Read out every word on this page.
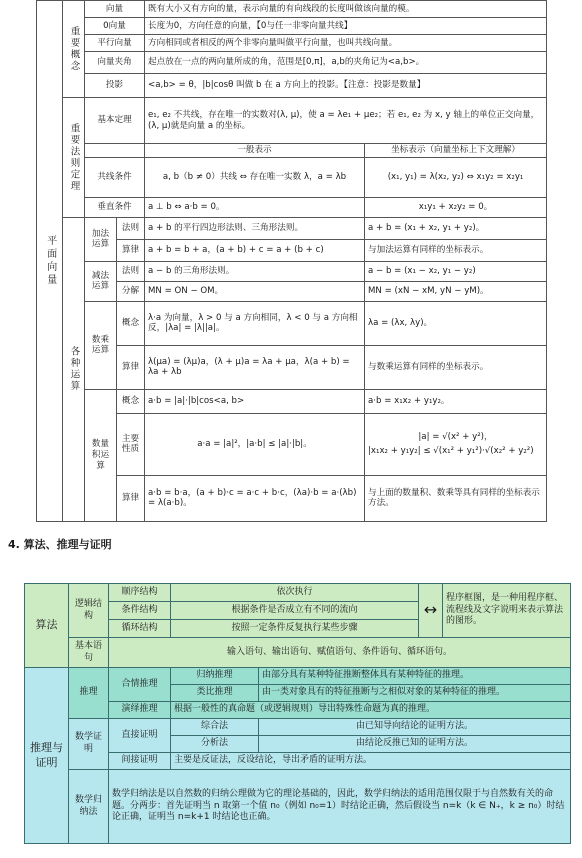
平面向量	重要概念	向量		既有大小又有方向的量，表示向量的有向线段的长度叫做该向量的模。	
		0向量		长度为0，方向任意的向量，【0与任一非零向量共线】	
		平行向量		方向相同或者相反的两个非零向量叫做平行向量，也叫共线向量。	
		向量夹角		起点放在一点的两向量所成的角，范围是[0,π]，a,b的夹角记为<a,b>。	
		投影		<a,b> = θ，|b|cosθ 叫做 b 在 a 方向上的投影。【注意：投影是数量】	
	重要法则定理	基本定理		e₁, e₂ 不共线，存在唯一的实数对(λ, μ)，使 a = λe₁ + μe₂；若 e₁, e₂ 为 x, y 轴上的单位正交向量，(λ, μ)就是向量 a 的坐标。	
				一般表示	坐标表示（向量坐标上下文理解）
		共线条件		a, b（b ≠ 0）共线 ⇔ 存在唯一实数 λ，a = λb	(x₁, y₁) = λ(x₂, y₂) ⇔ x₁y₂ = x₂y₁
		垂直条件		a ⊥ b ⇔ a·b = 0。	x₁y₁ + x₂y₂ = 0。
	各种运算	加法运算	法则	a + b 的平行四边形法则、三角形法则。	a + b = (x₁ + x₂, y₁ + y₂)。
			算律	a + b = b + a，(a + b) + c = a + (b + c)	与加法运算有同样的坐标表示。
		减法运算	法则	a − b 的三角形法则。	a − b = (x₁ − x₂, y₁ − y₂)
			分解	MN = ON − OM。	MN = (xN − xM, yN − yM)。
		数乘运算	概念	λ·a 为向量，λ > 0 与 a 方向相同，λ < 0 与 a 方向相反，|λa| = |λ||a|。	λa = (λx, λy)。
			算律	λ(μa) = (λμ)a，(λ + μ)a = λa + μa，λ(a + b) = λa + λb	与数乘运算有同样的坐标表示。
		数量积运算	概念	a·b = |a|·|b|cos<a, b>	a·b = x₁x₂ + y₁y₂。
			主要性质	a·a = |a|²，|a·b| ≤ |a|·|b|。	|a| = √(x² + y²)，
|x₁x₂ + y₁y₂| ≤ √(x₁² + y₁²)·√(x₂² + y₂²)

			算律	a·b = b·a，(a + b)·c = a·c + b·c，(λa)·b = a·(λb) = λ(a·b)。	与上面的数量积、数乘等具有同样的坐标表示方法。
4. 算法、推理与证明
算法	逻辑结构	顺序结构	依次执行		↔	程序框图，是一种用程序框、流程线及文字说明来表示算法的图形。
		条件结构	根据条件是否成立有不同的流向			
		循环结构	按照一定条件反复执行某些步骤			
	基本语句	输入语句、输出语句、赋值语句、条件语句、循环语句。				
推理与证明	推理	合情推理	归纳推理	由部分具有某种特征推断整体具有某种特征的推理。		
			类比推理	由一类对象具有的特征推断与之相似对象的某种特征的推理。		
		演绎推理	根据一般性的真命题（或逻辑规则）导出特殊性命题为真的推理。			
	数学证明	直接证明	综合法	由已知导向结论的证明方法。		
			分析法	由结论反推已知的证明方法。		
		间接证明	主要是反证法，反设结论，导出矛盾的证明方法。			
	数学归纳法	数学归纳法是以自然数的归纳公理做为它的理论基础的，因此，数学归纳法的适用范围仅限于与自然数有关的命题。分两步：首先证明当 n 取第一个值 n₀（例如 n₀=1）时结论正确，然后假设当 n=k（k ∈ N₊，k ≥ n₀）时结论正确，证明当 n=k+1 时结论也正确。				
